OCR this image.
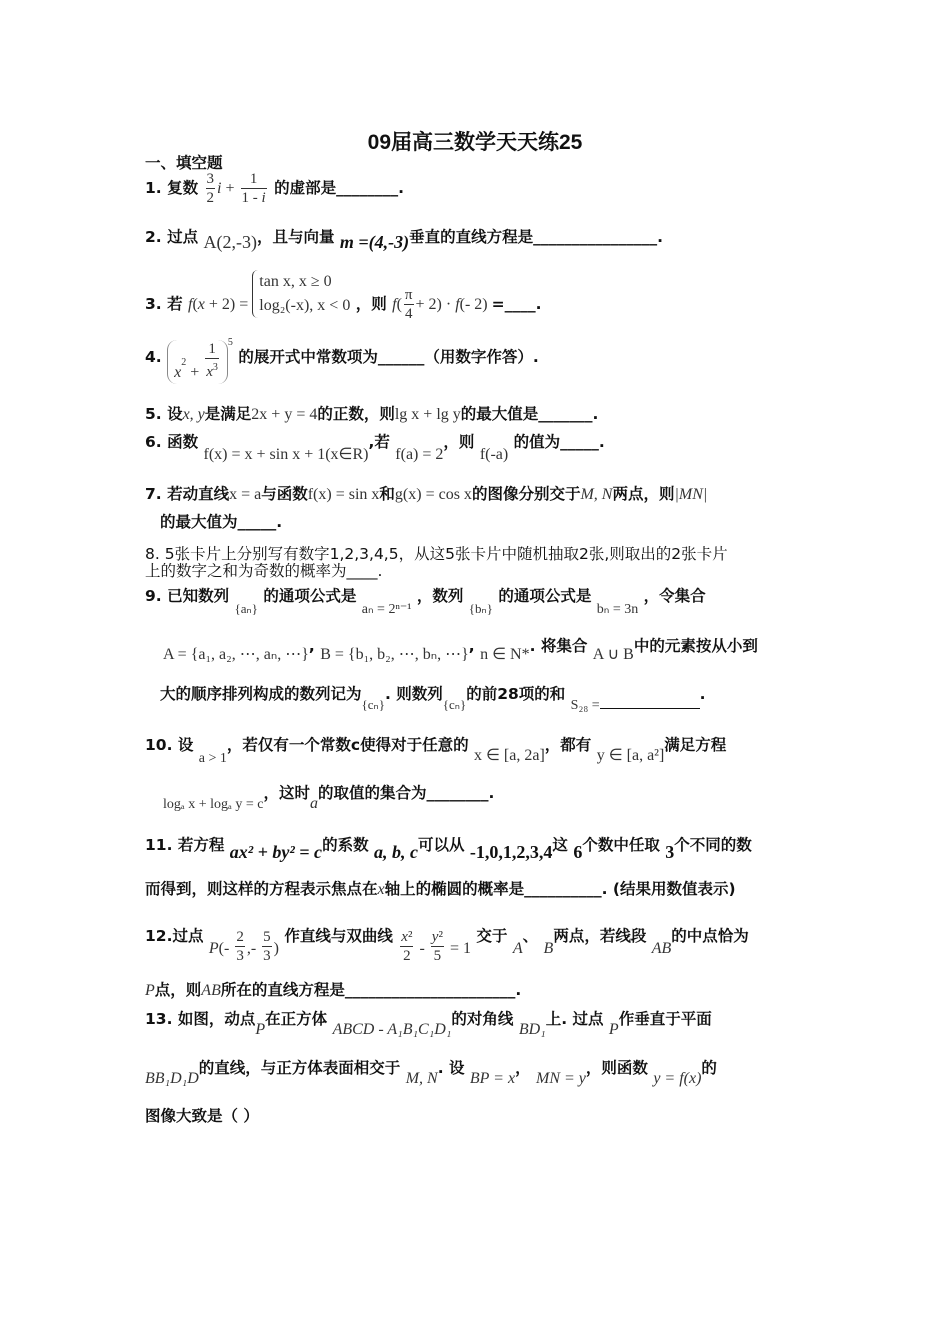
09届高三数学天天练25
一、填空题
1. 复数 $\frac{3}{2}$ $i + \frac{1}{1 - i}$ 的虚部是________.
2. 过点 A(2,-3)，且与向量 m =(4,-3)垂直的直线方程是________________.
3. 若 f(x + 2) =
tan x, x ≥ 0
log₂(-x), x < 0 ，则 $f( \frac{\pi}{4} + 2) \cdot f(-$ 2) =____.
4. $x^2 + \frac{1}{x^3} ^5$ 的展开式中常数项为______（用数字作答）.
5. 设x, y是满足2x + y = 4的正数，则lg x + lg y的最大值是_______.
6. 函数 f(x) = x + sin x + 1(x∈R),若 f(a) = 2，则 f(-a) 的值为_____.
7. 若动直线x = a与函数f(x) = sin x和g(x) = cos x的图像分别交于M, N两点，则|MN|
的最大值为_____.
8. 5张卡片上分别写有数字1,2,3,4,5，从这5张卡片中随机抽取2张,则取出的2张卡片
上的数字之和为奇数的概率为____.
9. 已知数列 $_{\{a_n\}}$ 的通项公式是 aₙ = 2ⁿ⁻¹ ，数列 $_{\{b_n\}}$ 的通项公式是 bₙ = 3n ，令集合
A = {a₁, a₂, ⋯, aₙ, ⋯}, B = {b₁, b₂, ⋯, bₙ, ⋯}, n ∈ N*. 将集合 A ∪ B中的元素按从小到
大的顺序排列构成的数列记为$_{\{c_n\}}$. 则数列$_{\{c_n\}}$的前28项的和 S₂₈ =.
10. 设 a > 1，若仅有一个常数c使得对于任意的 x ∈ [a, 2a]，都有 y ∈ [a, a²]满足方程
logₐ x + logₐ y = c，这时a的取值的集合为________.
11. 若方程 ax² + by² = c的系数 a, b, c可以从 -1,0,1,2,3,4这 6个数中任取 3个不同的数
而得到，则这样的方程表示焦点在x轴上的椭圆的概率是__________. (结果用数值表示)
12.过点 $P(- \frac{2}{3}$ ,- $\frac{5}{3}$ ) 作直线与双曲线 $\frac{\text{x²}}{2} - \frac{\text{y²}}{5} = 1$ 交于 A、 B两点，若线段 AB的中点恰为
P点，则AB所在的直线方程是______________________.
13. 如图，动点P在正方体 ABCD - A₁B₁C₁D₁的对角线 BD₁上. 过点 P作垂直于平面
BB₁D₁D的直线，与正方体表面相交于 M, N. 设 BP = x， MN = y，则函数 y = f(x)的
图像大致是（ ）
